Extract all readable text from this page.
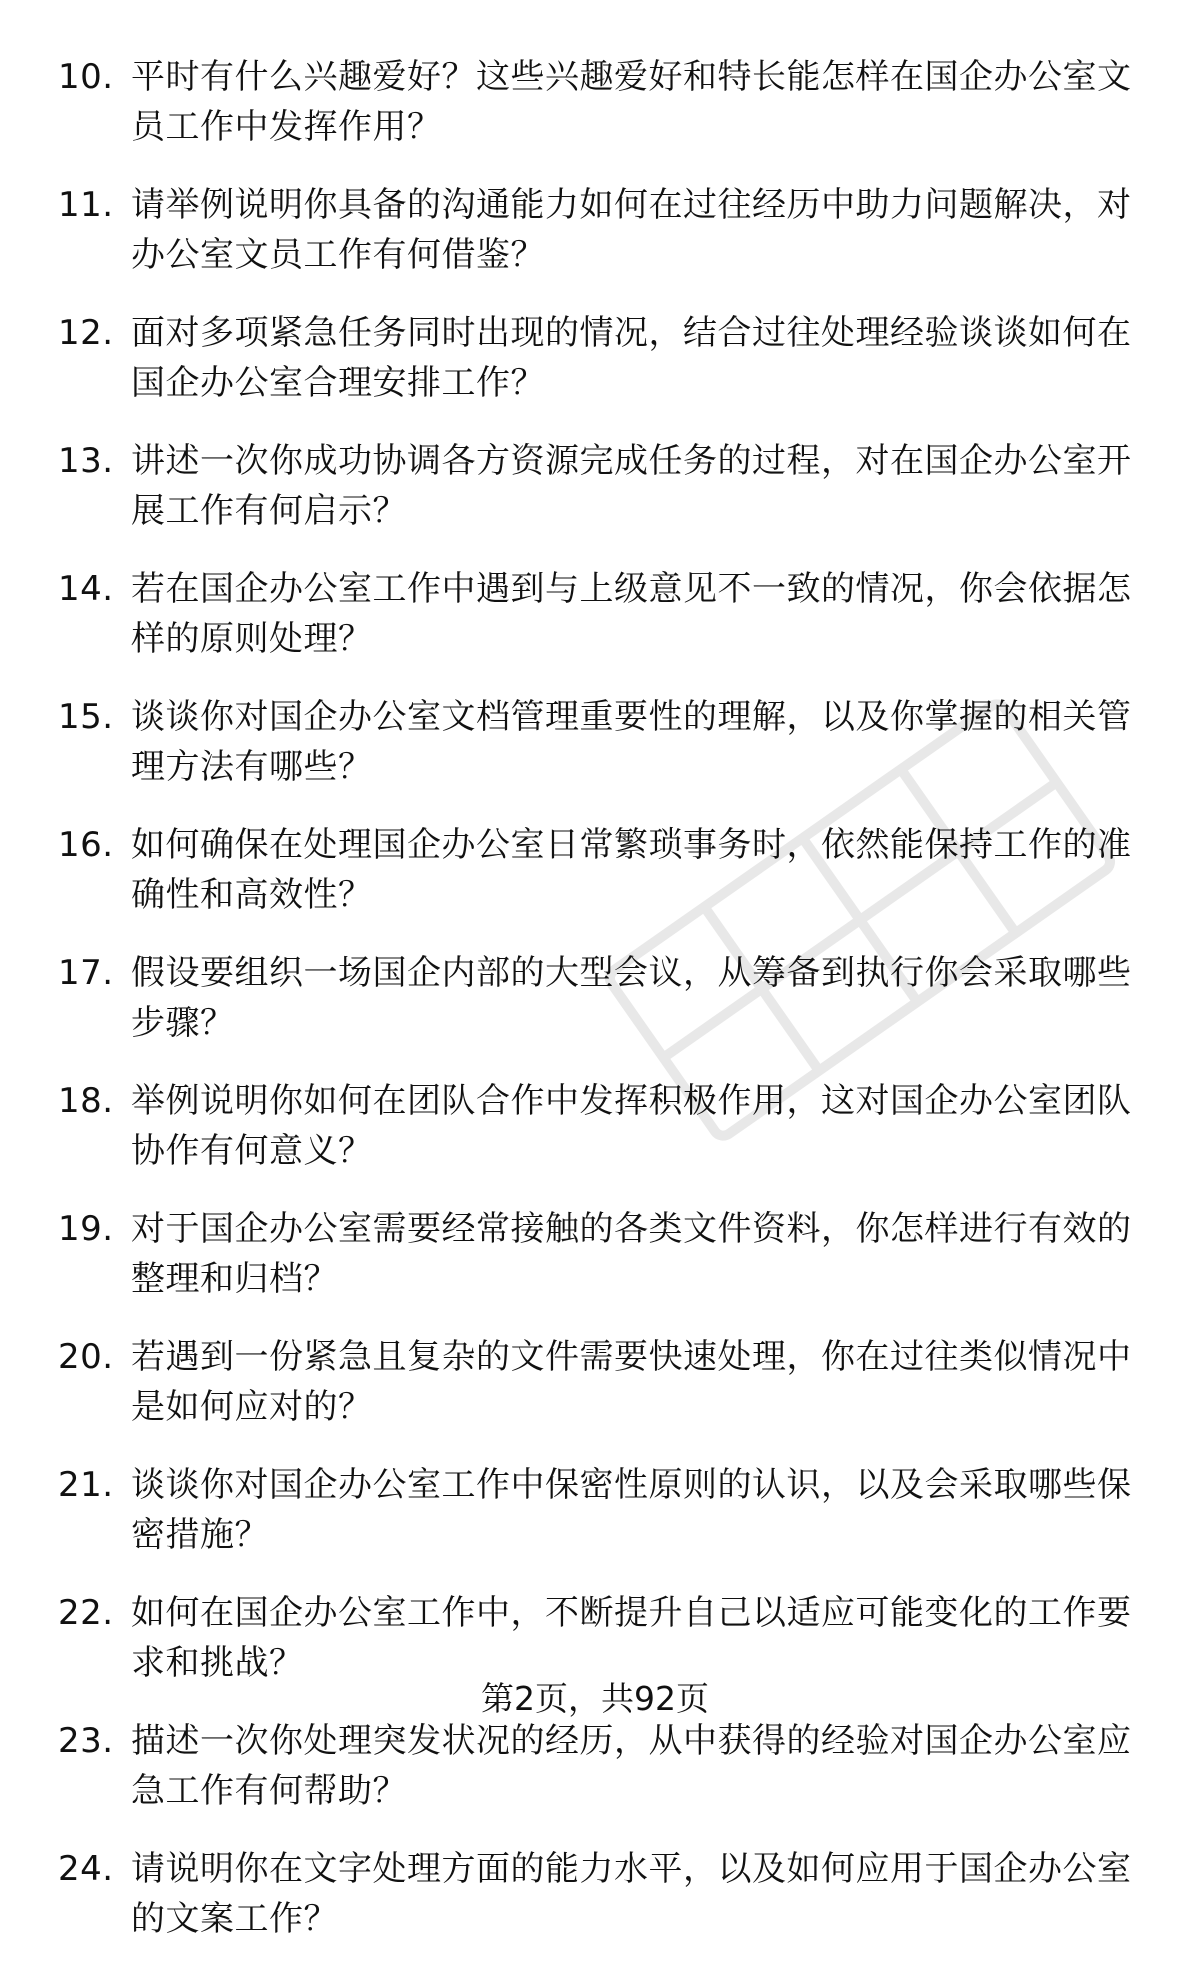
10. 平时有什么兴趣爱好？这些兴趣爱好和特长能怎样在国企办公室文员工作中发挥作用？
11. 请举例说明你具备的沟通能力如何在过往经历中助力问题解决，对办公室文员工作有何借鉴？
12. 面对多项紧急任务同时出现的情况，结合过往处理经验谈谈如何在国企办公室合理安排工作？
13. 讲述一次你成功协调各方资源完成任务的过程，对在国企办公室开展工作有何启示？
14. 若在国企办公室工作中遇到与上级意见不一致的情况，你会依据怎样的原则处理？
15. 谈谈你对国企办公室文档管理重要性的理解，以及你掌握的相关管理方法有哪些？
16. 如何确保在处理国企办公室日常繁琐事务时，依然能保持工作的准确性和高效性？
17. 假设要组织一场国企内部的大型会议，从筹备到执行你会采取哪些步骤？
18. 举例说明你如何在团队合作中发挥积极作用，这对国企办公室团队协作有何意义？
19. 对于国企办公室需要经常接触的各类文件资料，你怎样进行有效的整理和归档？
20. 若遇到一份紧急且复杂的文件需要快速处理，你在过往类似情况中是如何应对的？
21. 谈谈你对国企办公室工作中保密性原则的认识，以及会采取哪些保密措施？
22. 如何在国企办公室工作中，不断提升自己以适应可能变化的工作要求和挑战？
23. 描述一次你处理突发状况的经历，从中获得的经验对国企办公室应急工作有何帮助？
24. 请说明你在文字处理方面的能力水平，以及如何应用于国企办公室的文案工作？
第2页，共92页
